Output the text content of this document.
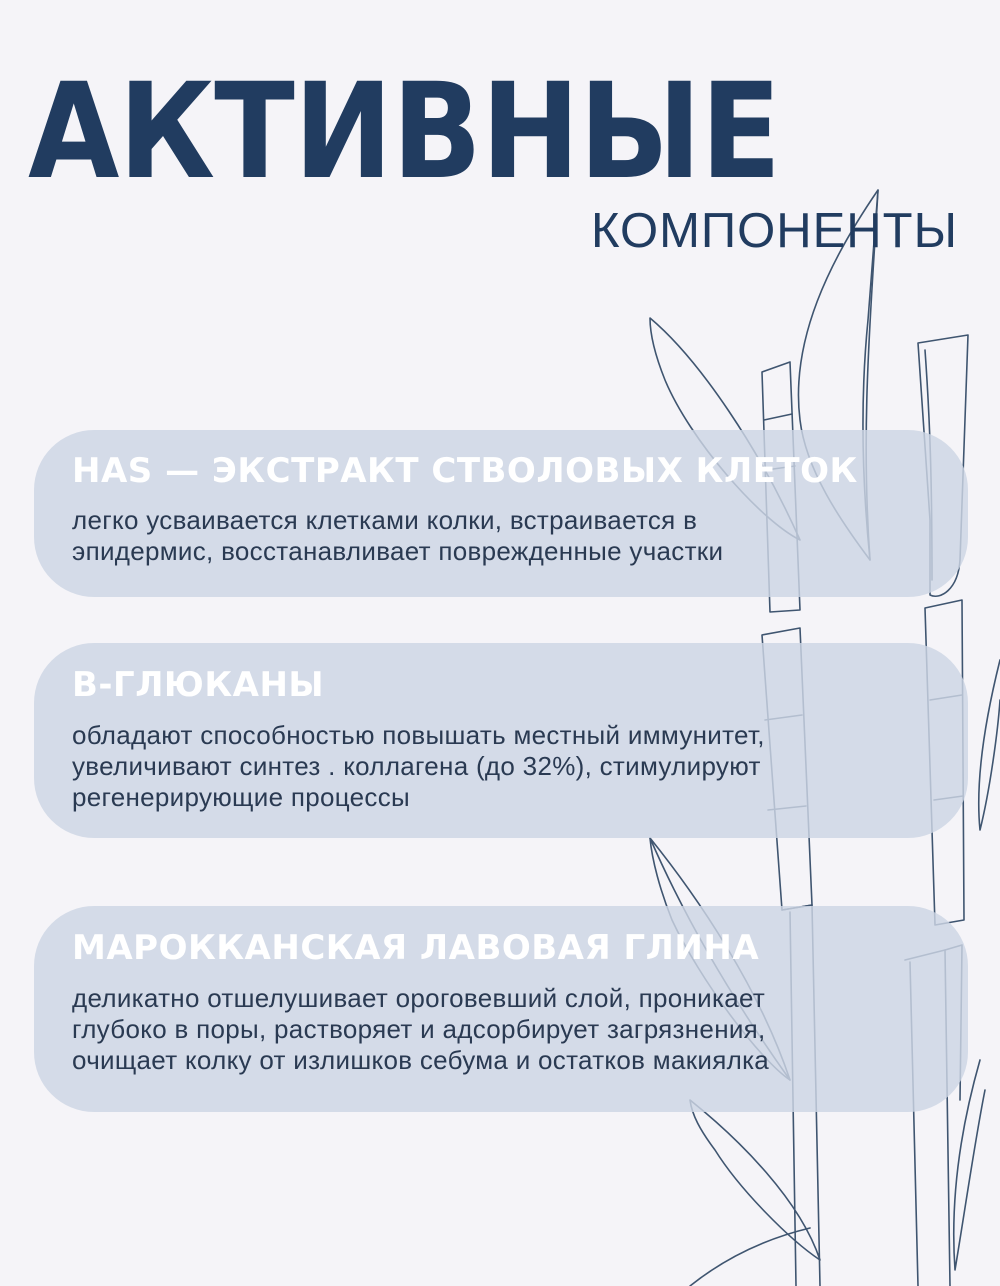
АКТИВНЫЕ
КОМПОНЕНТЫ
HAS — ЭКСТРАКТ СТВОЛОВЫХ КЛЕТОК
легко усваивается клетками колки, встраивается в
эпидермис, восстанавливает поврежденные участки
B-ГЛЮКАНЫ
обладают способностью повышать местный иммунитет,
увеличивают синтез . коллагена (до 32%), стимулируют
регенерирующие процессы
МАРОККАНСКАЯ ЛАВОВАЯ ГЛИНА
деликатно отшелушивает ороговевший слой, проникает
глубоко в поры, растворяет и адсорбирует загрязнения,
очищает колку от излишков себума и остатков макиялка
